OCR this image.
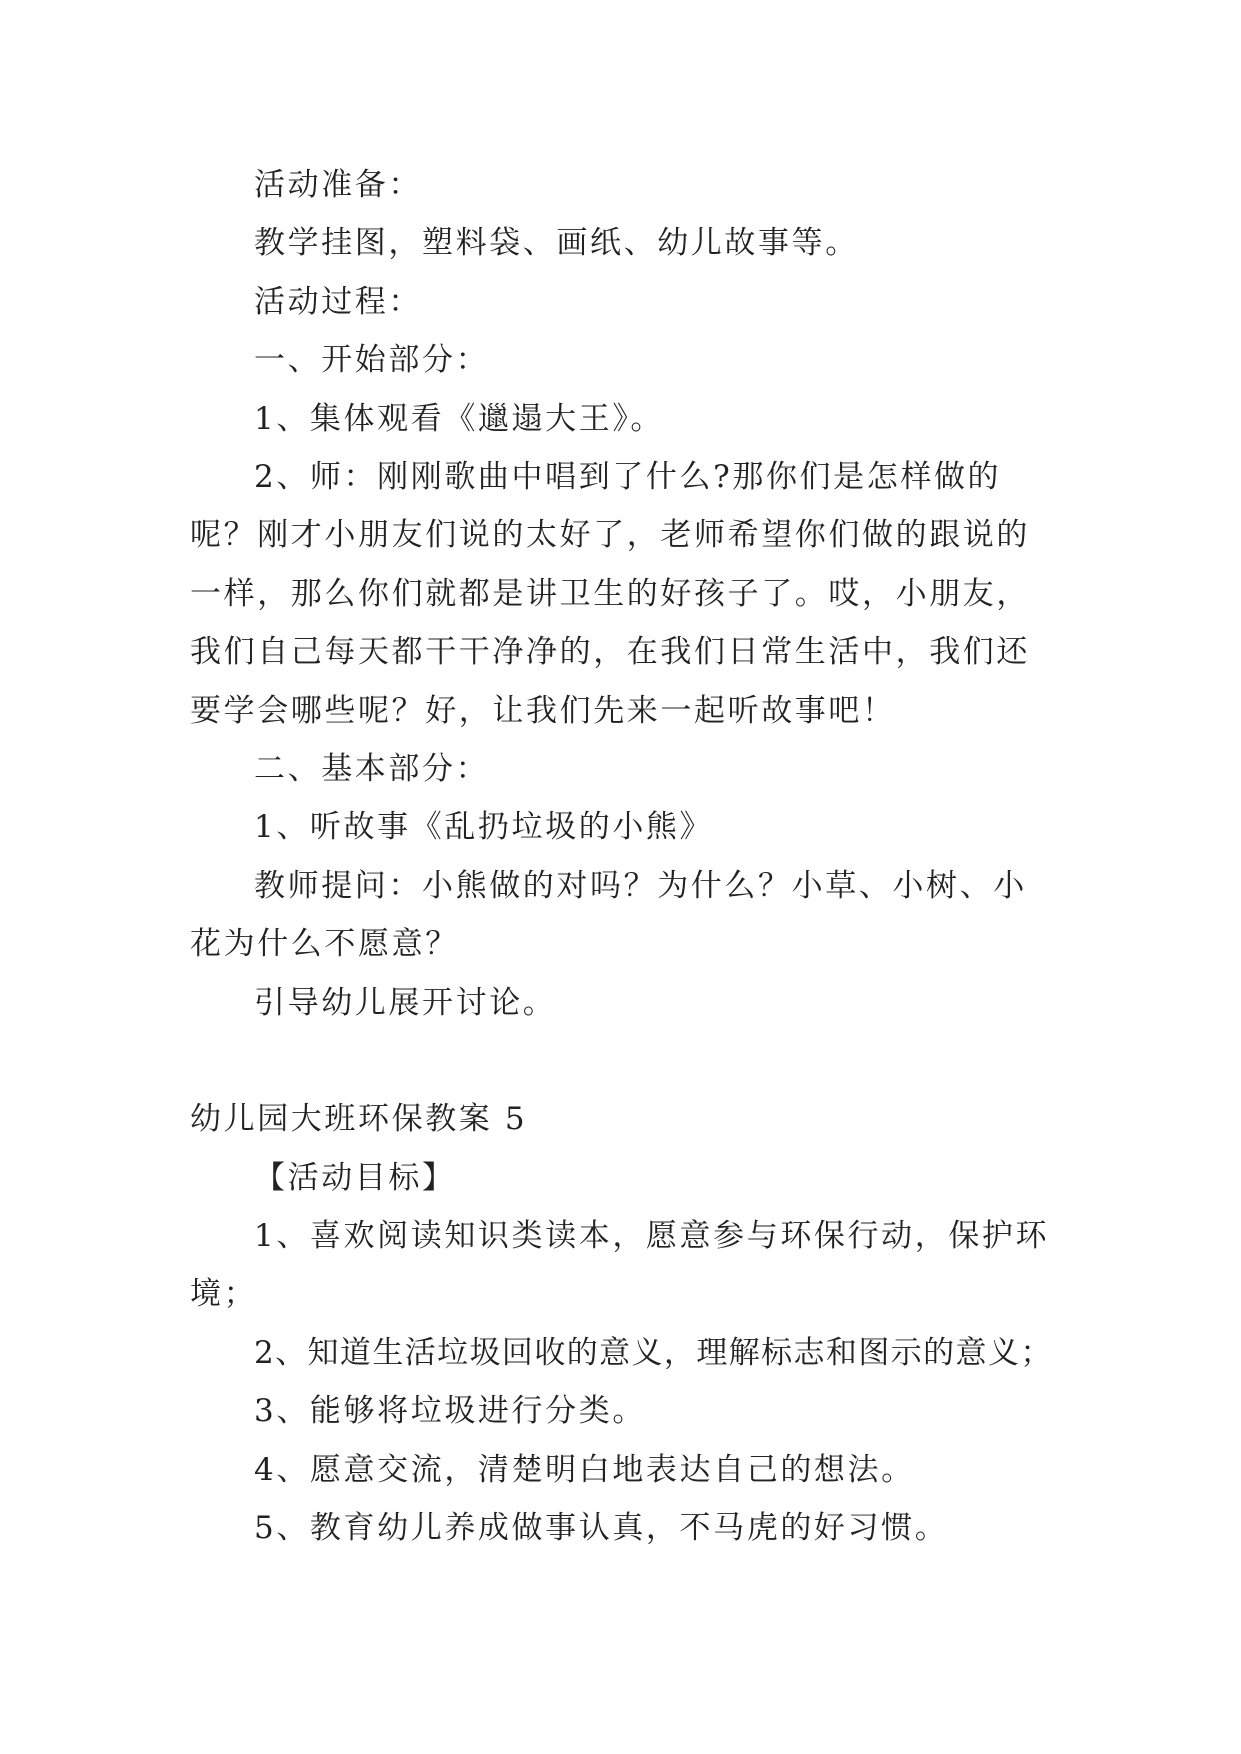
活动准备：

教学挂图，塑料袋、画纸、幼儿故事等。

活动过程：

一、开始部分：

1、集体观看《邋遢大王》。

2、师：刚刚歌曲中唱到了什么?那你们是怎样做的呢？刚才小朋友们说的太好了，老师希望你们做的跟说的一样，那么你们就都是讲卫生的好孩子了。哎，小朋友，我们自己每天都干干净净的，在我们日常生活中，我们还要学会哪些呢？好，让我们先来一起听故事吧！

二、基本部分：

1、听故事《乱扔垃圾的小熊》

教师提问：小熊做的对吗？为什么？小草、小树、小花为什么不愿意？

引导幼儿展开讨论。

幼儿园大班环保教案 5

【活动目标】

1、喜欢阅读知识类读本，愿意参与环保行动，保护环境；

2、知道生活垃圾回收的意义，理解标志和图示的意义；

3、能够将垃圾进行分类。

4、愿意交流，清楚明白地表达自己的想法。

5、教育幼儿养成做事认真，不马虎的好习惯。
